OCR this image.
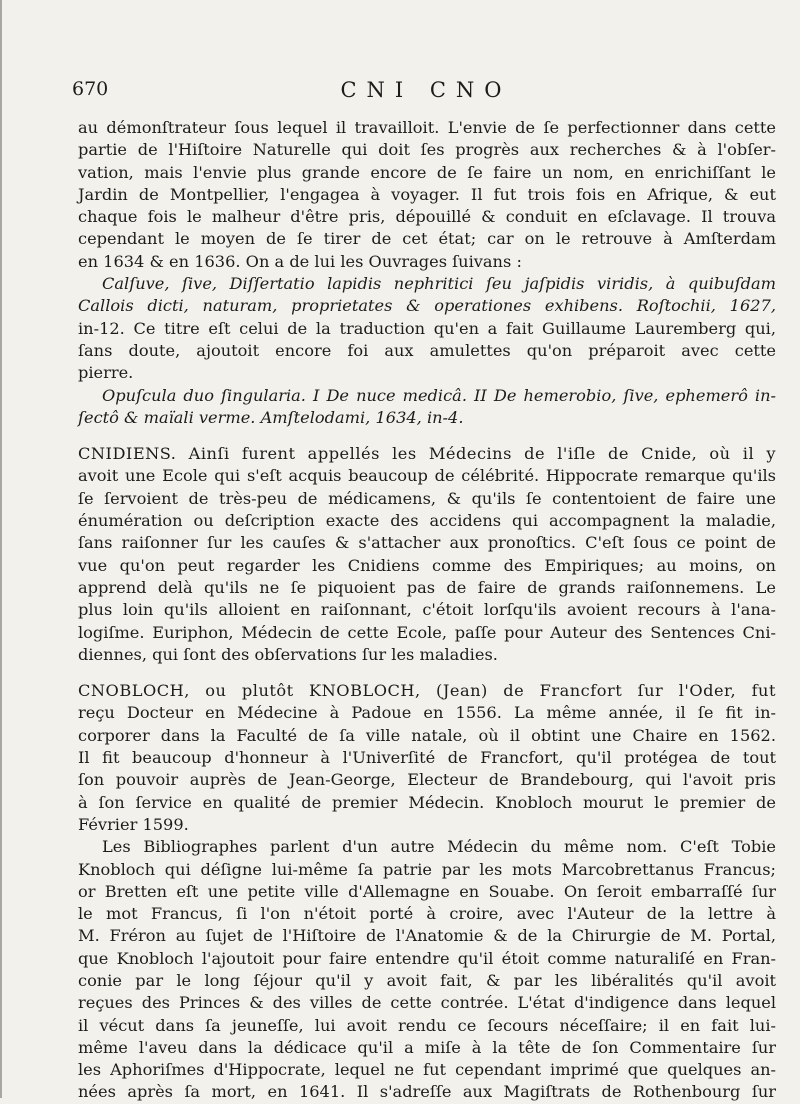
670	CNI CNO
au démonſtrateur ſous lequel il travailloit. L'envie de ſe perfectionner dans cette
partie de l'Hiſtoire Naturelle qui doit ſes progrès aux recherches & à l'obſer-
vation, mais l'envie plus grande encore de ſe faire un nom, en enrichiſſant le
Jardin de Montpellier, l'engagea à voyager. Il fut trois fois en Afrique, & eut
chaque fois le malheur d'être pris, dépouillé & conduit en eſclavage. Il trouva
cependant le moyen de ſe tirer de cet état; car on le retrouve à Amſterdam
en 1634 & en 1636. On a de lui les Ouvrages ſuivans :
Calſuve, ſive, Diſſertatio lapidis nephritici ſeu jaſpidis viridis, à quibuſdam
Callois dicti, naturam, proprietates & operationes exhibens. Roſtochii, 1627,
in-12. Ce titre eſt celui de la traduction qu'en a fait Guillaume Lauremberg qui,
ſans doute, ajoutoit encore foi aux amulettes qu'on préparoit avec cette
pierre.
Opuſcula duo ſingularia. I De nuce medicâ. II De hemerobio, ſive, ephemerô in-
ſectô & maïali verme. Amſtelodami, 1634, in-4.
CNIDIENS. Ainſi furent appellés les Médecins de l'iſle de Cnide, où il y
avoit une Ecole qui s'eſt acquis beaucoup de célébrité. Hippocrate remarque qu'ils
ſe ſervoient de très-peu de médicamens, & qu'ils ſe contentoient de faire une
énumération ou deſcription exacte des accidens qui accompagnent la maladie,
ſans raiſonner ſur les cauſes & s'attacher aux pronoſtics. C'eſt ſous ce point de
vue qu'on peut regarder les Cnidiens comme des Empiriques; au moins, on
apprend delà qu'ils ne ſe piquoient pas de faire de grands raiſonnemens. Le
plus loin qu'ils alloient en raiſonnant, c'étoit lorſqu'ils avoient recours à l'ana-
logiſme. Euriphon, Médecin de cette Ecole, paſſe pour Auteur des Sentences Cni-
diennes, qui ſont des obſervations ſur les maladies.
CNOBLOCH, ou plutôt KNOBLOCH, (Jean) de Francfort ſur l'Oder, fut
reçu Docteur en Médecine à Padoue en 1556. La même année, il ſe fit in-
corporer dans la Faculté de ſa ville natale, où il obtint une Chaire en 1562.
Il fit beaucoup d'honneur à l'Univerſité de Francfort, qu'il protégea de tout
ſon pouvoir auprès de Jean-George, Electeur de Brandebourg, qui l'avoit pris
à ſon ſervice en qualité de premier Médecin. Knobloch mourut le premier de
Février 1599.
Les Bibliographes parlent d'un autre Médecin du même nom. C'eſt Tobie
Knobloch qui déſigne lui-même ſa patrie par les mots Marcobrettanus Francus;
or Bretten eſt une petite ville d'Allemagne en Souabe. On ſeroit embarraſſé ſur
le mot Francus, ſi l'on n'étoit porté à croire, avec l'Auteur de la lettre à
M. Fréron au ſujet de l'Hiſtoire de l'Anatomie & de la Chirurgie de M. Portal,
que Knobloch l'ajoutoit pour faire entendre qu'il étoit comme naturaliſé en Fran-
conie par le long ſéjour qu'il y avoit fait, & par les libéralités qu'il avoit
reçues des Princes & des villes de cette contrée. L'état d'indigence dans lequel
il vécut dans ſa jeuneſſe, lui avoit rendu ce ſecours néceſſaire; il en fait lui-
même l'aveu dans la dédicace qu'il a miſe à la tête de ſon Commentaire ſur
les Aphoriſmes d'Hippocrate, lequel ne fut cependant imprimé que quelques an-
nées après ſa mort, en 1641. Il s'adreſſe aux Magiſtrats de Rothenbourg ſur
